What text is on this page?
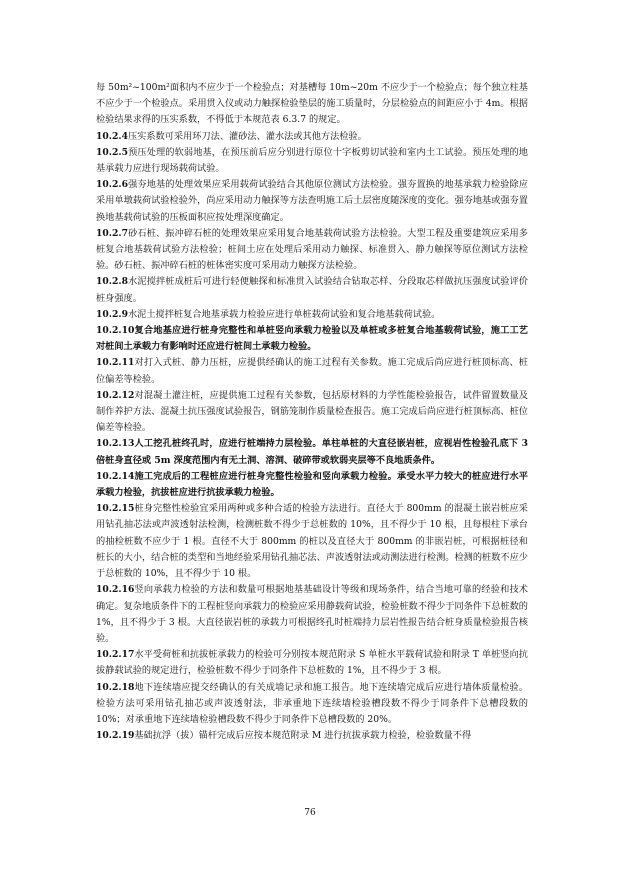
每 50m²~100m²面积内不应少于一个检验点；对基槽每 10m~20m 不应少于一个检验点；每个独立柱基不应少于一个检验点。采用贯入仪或动力触探检验垫层的施工质量时，分层检验点的间距应小于 4m。根据检验结果求得的压实系数，不得低于本规范表 6.3.7 的规定。

10.2.4压实系数可采用环刀法、灌砂法、灌水法或其他方法检验。

10.2.5预压处理的软弱地基，在预压前后应分别进行原位十字板剪切试验和室内土工试验。预压处理的地基承载力应进行现场载荷试验。

10.2.6强夯地基的处理效果应采用载荷试验结合其他原位测试方法检验。强夯置换的地基承载力检验除应采用单墩载荷试验检验外，尚应采用动力触探等方法查明施工后土层密度随深度的变化。强夯地基或强夯置换地基载荷试验的压板面积应按处理深度确定。

10.2.7砂石桩、振冲碎石桩的处理效果应采用复合地基载荷试验方法检验。大型工程及重要建筑应采用多桩复合地基载荷试验方法检验；桩间土应在处理后采用动力触探、标准贯入、静力触探等原位测试方法检验。砂石桩、振冲碎石桩的桩体密实度可采用动力触探方法检验。

10.2.8水泥搅拌桩成桩后可进行轻便触探和标准贯入试验结合钻取芯样、分段取芯样做抗压强度试验评价桩身强度。

10.2.9水泥土搅拌桩复合地基承载力检验应进行单桩载荷试验和复合地基载荷试验。

10.2.10复合地基应进行桩身完整性和单桩竖向承载力检验以及单桩或多桩复合地基载荷试验，施工工艺对桩间土承载力有影响时还应进行桩间土承载力检验。

10.2.11对打入式桩、静力压桩，应提供经确认的施工过程有关参数。施工完成后尚应进行桩顶标高、桩位偏差等检验。

10.2.12对混凝土灌注桩，应提供施工过程有关参数，包括原材料的力学性能检验报告，试件留置数量及制作养护方法、混凝土抗压强度试验报告，钢筋笼制作质量检查报告。施工完成后尚应进行桩顶标高、桩位偏差等检验。

10.2.13人工挖孔桩终孔时，应进行桩端持力层检验。单柱单桩的大直径嵌岩桩，应视岩性检验孔底下 3 倍桩身直径或 5m 深度范围内有无土洞、溶洞、破碎带或软弱夹层等不良地质条件。

10.2.14施工完成后的工程桩应进行桩身完整性检验和竖向承载力检验。承受水平力较大的桩应进行水平承载力检验，抗拔桩应进行抗拔承载力检验。

10.2.15桩身完整性检验宜采用两种或多种合适的检验方法进行。直径大于 800mm 的混凝土嵌岩桩应采用钻孔抽芯法或声波透射法检测，检测桩数不得少于总桩数的 10%，且不得少于 10 根，且每根柱下承台的抽检桩数不应少于 1 根。直径不大于 800mm 的桩以及直径大于 800mm 的非嵌岩桩，可根据桩径和桩长的大小，结合桩的类型和当地经验采用钻孔抽芯法、声波透射法或动测法进行检测。检测的桩数不应少于总桩数的 10%，且不得少于 10 根。

10.2.16竖向承载力检验的方法和数量可根据地基基础设计等级和现场条件，结合当地可靠的经验和技术确定。复杂地质条件下的工程桩竖向承载力的检验应采用静载荷试验，检验桩数不得少于同条件下总桩数的 1%，且不得少于 3 根。大直径嵌岩桩的承载力可根据终孔时桩端持力层岩性报告结合桩身质量检验报告核验。

10.2.17水平受荷桩和抗拔桩承载力的检验可分别按本规范附录 S 单桩水平载荷试验和附录 T 单桩竖向抗拔静载试验的规定进行，检验桩数不得少于同条件下总桩数的 1%，且不得少于 3 根。

10.2.18地下连续墙应提交经确认的有关成墙记录和施工报告。地下连续墙完成后应进行墙体质量检验。检验方法可采用钻孔抽芯或声波透射法，非承重地下连续墙检验槽段数不得少于同条件下总槽段数的 10%；对承重地下连续墙检验槽段数不得少于同条件下总槽段数的 20%。

10.2.19基础抗浮（拔）锚杆完成后应按本规范附录 M 进行抗拔承载力检验，检验数量不得

76
